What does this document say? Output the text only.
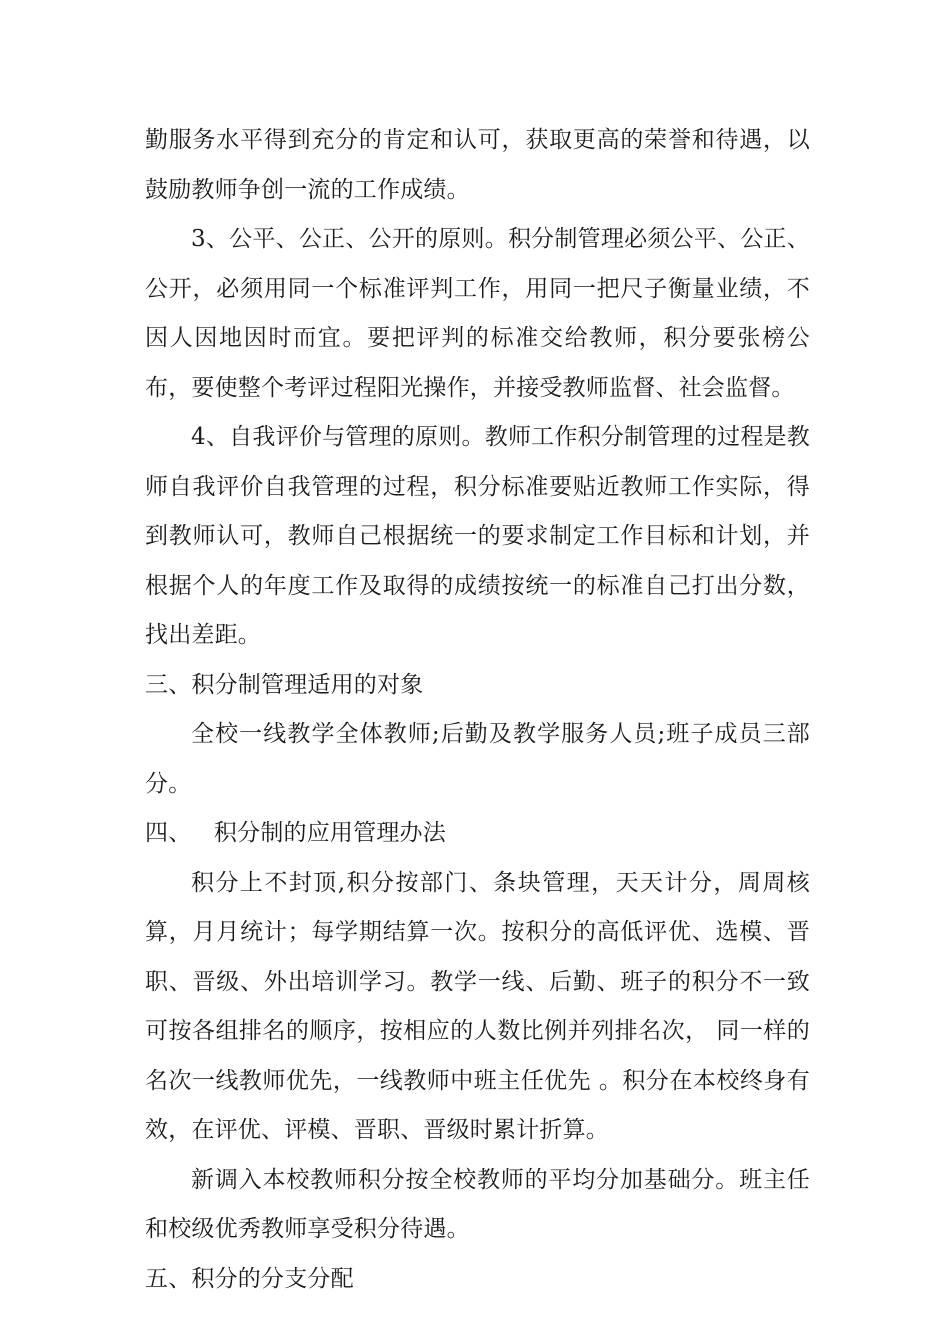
勤服务水平得到充分的肯定和认可，获取更高的荣誉和待遇，以鼓励教师争创一流的工作成绩。

3、公平、公正、公开的原则。积分制管理必须公平、公正、公开，必须用同一个标准评判工作，用同一把尺子衡量业绩，不因人因地因时而宜。要把评判的标准交给教师，积分要张榜公布，要使整个考评过程阳光操作，并接受教师监督、社会监督。

4、自我评价与管理的原则。教师工作积分制管理的过程是教师自我评价自我管理的过程，积分标准要贴近教师工作实际，得到教师认可，教师自己根据统一的要求制定工作目标和计划，并根据个人的年度工作及取得的成绩按统一的标准自己打出分数，找出差距。

三、积分制管理适用的对象

全校一线教学全体教师;后勤及教学服务人员;班子成员三部分。

四、   积分制的应用管理办法

积分上不封顶,积分按部门、条块管理，天天计分，周周核算，月月统计；每学期结算一次。按积分的高低评优、选模、晋职、晋级、外出培训学习。教学一线、后勤、班子的积分不一致可按各组排名的顺序，按相应的人数比例并列排名次， 同一样的名次一线教师优先，一线教师中班主任优先 。积分在本校终身有效，在评优、评模、晋职、晋级时累计折算。

新调入本校教师积分按全校教师的平均分加基础分。班主任和校级优秀教师享受积分待遇。

五、积分的分支分配
